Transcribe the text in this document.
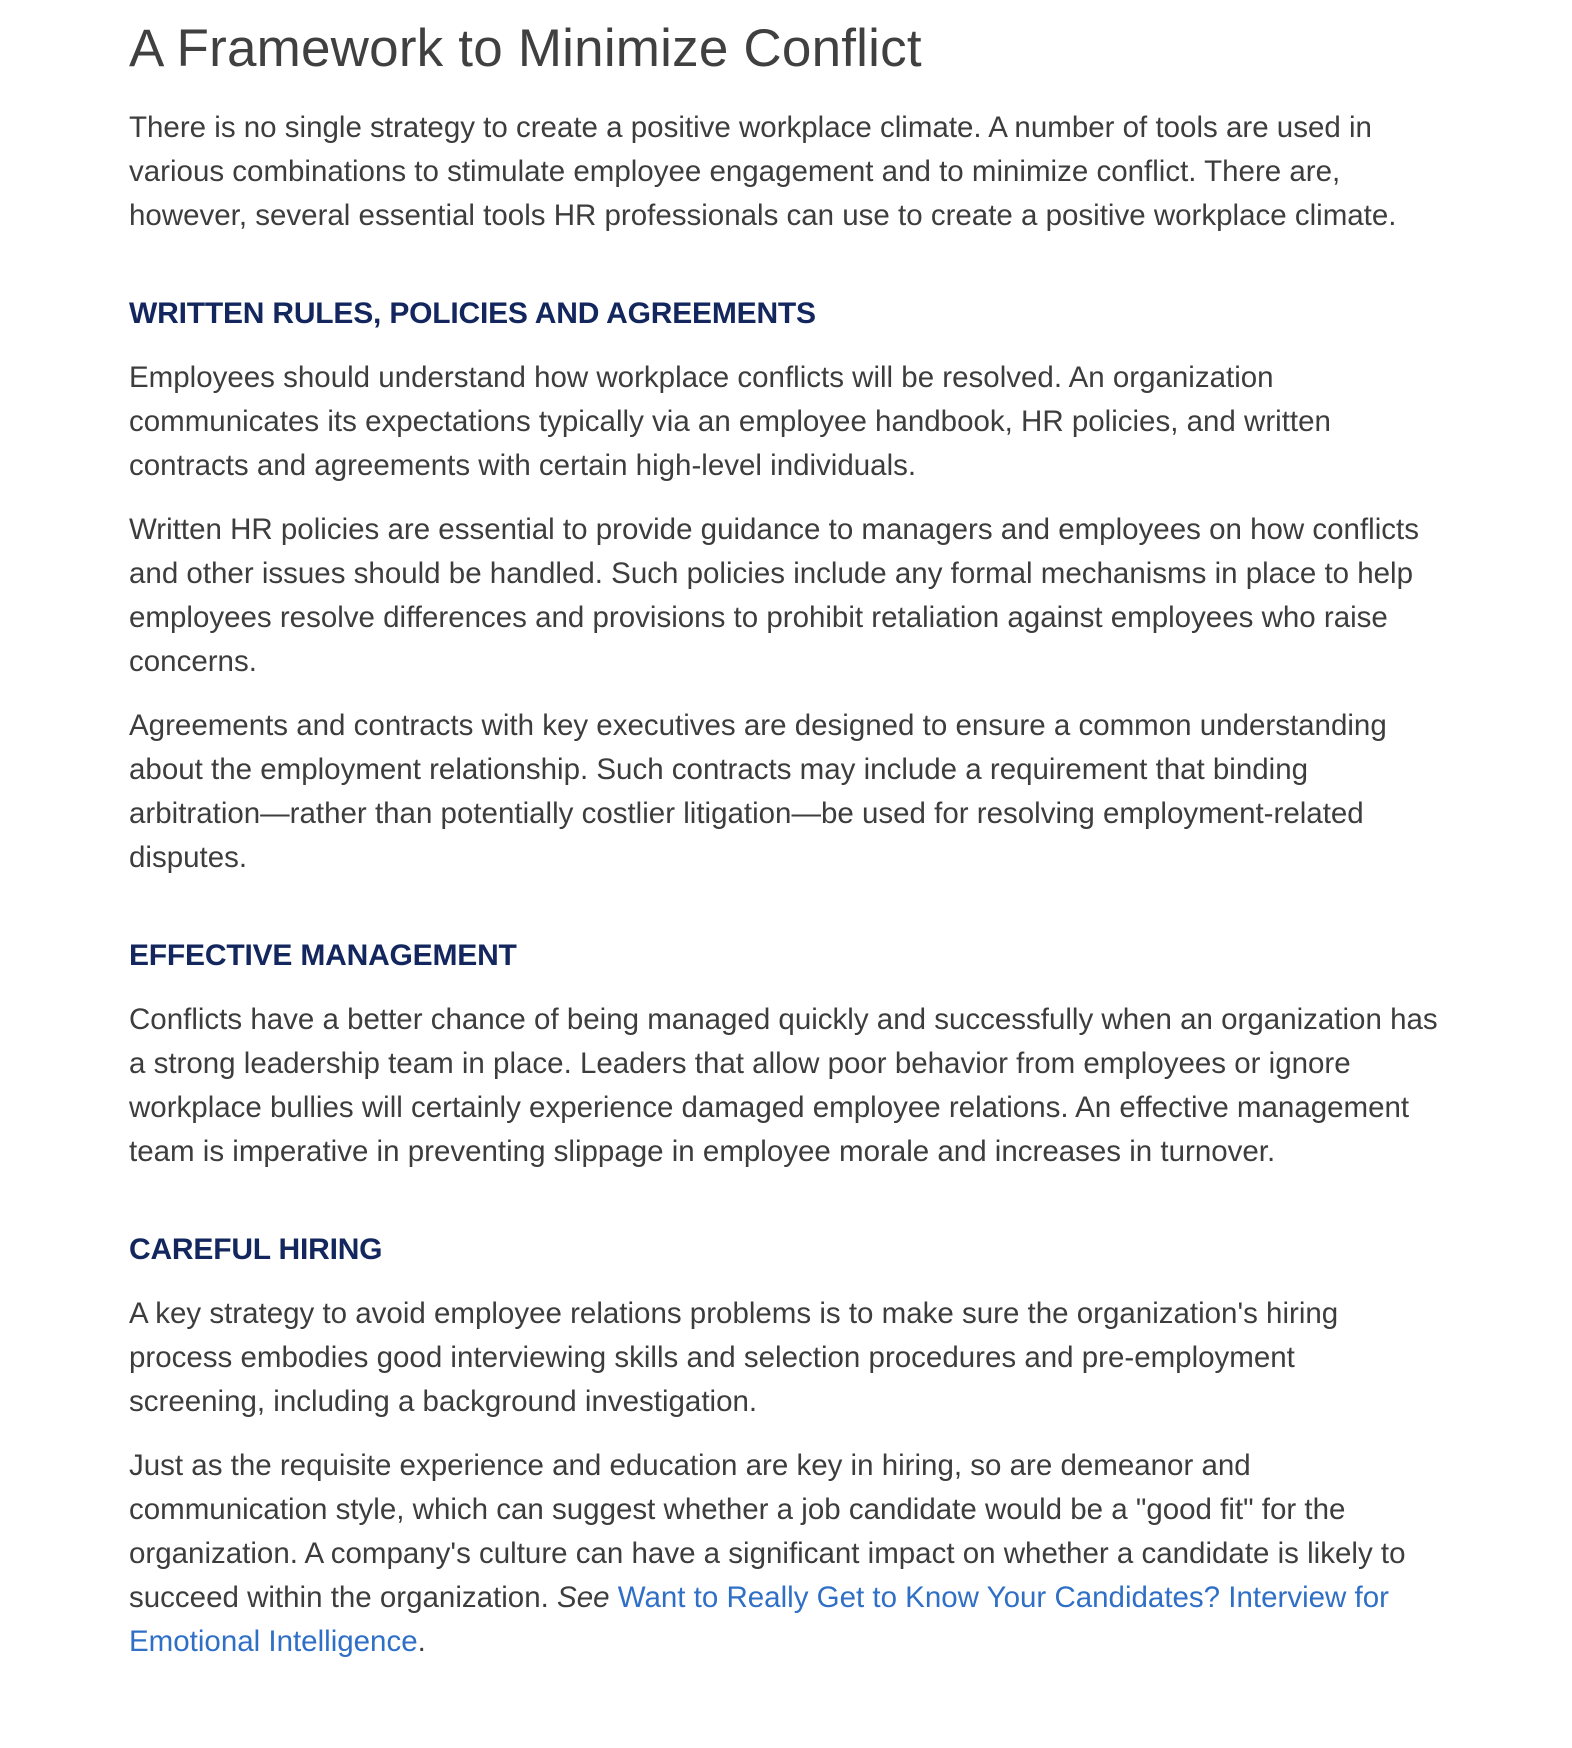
A Framework to Minimize Conflict

There is no single strategy to create a positive workplace climate. A number of tools are used in various combinations to stimulate employee engagement and to minimize conflict. There are, however, several essential tools HR professionals can use to create a positive workplace climate.

WRITTEN RULES, POLICIES AND AGREEMENTS

Employees should understand how workplace conflicts will be resolved. An organization communicates its expectations typically via an employee handbook, HR policies, and written contracts and agreements with certain high-level individuals.

Written HR policies are essential to provide guidance to managers and employees on how conflicts and other issues should be handled. Such policies include any formal mechanisms in place to help employees resolve differences and provisions to prohibit retaliation against employees who raise concerns.

Agreements and contracts with key executives are designed to ensure a common understanding about the employment relationship. Such contracts may include a requirement that binding arbitration—rather than potentially costlier litigation—be used for resolving employment-related disputes.

EFFECTIVE MANAGEMENT

Conflicts have a better chance of being managed quickly and successfully when an organization has a strong leadership team in place. Leaders that allow poor behavior from employees or ignore workplace bullies will certainly experience damaged employee relations. An effective management team is imperative in preventing slippage in employee morale and increases in turnover.

CAREFUL HIRING

A key strategy to avoid employee relations problems is to make sure the organization's hiring process embodies good interviewing skills and selection procedures and pre-employment screening, including a background investigation.

Just as the requisite experience and education are key in hiring, so are demeanor and communication style, which can suggest whether a job candidate would be a "good fit" for the organization. A company's culture can have a significant impact on whether a candidate is likely to succeed within the organization. See Want to Really Get to Know Your Candidates? Interview for Emotional Intelligence.
